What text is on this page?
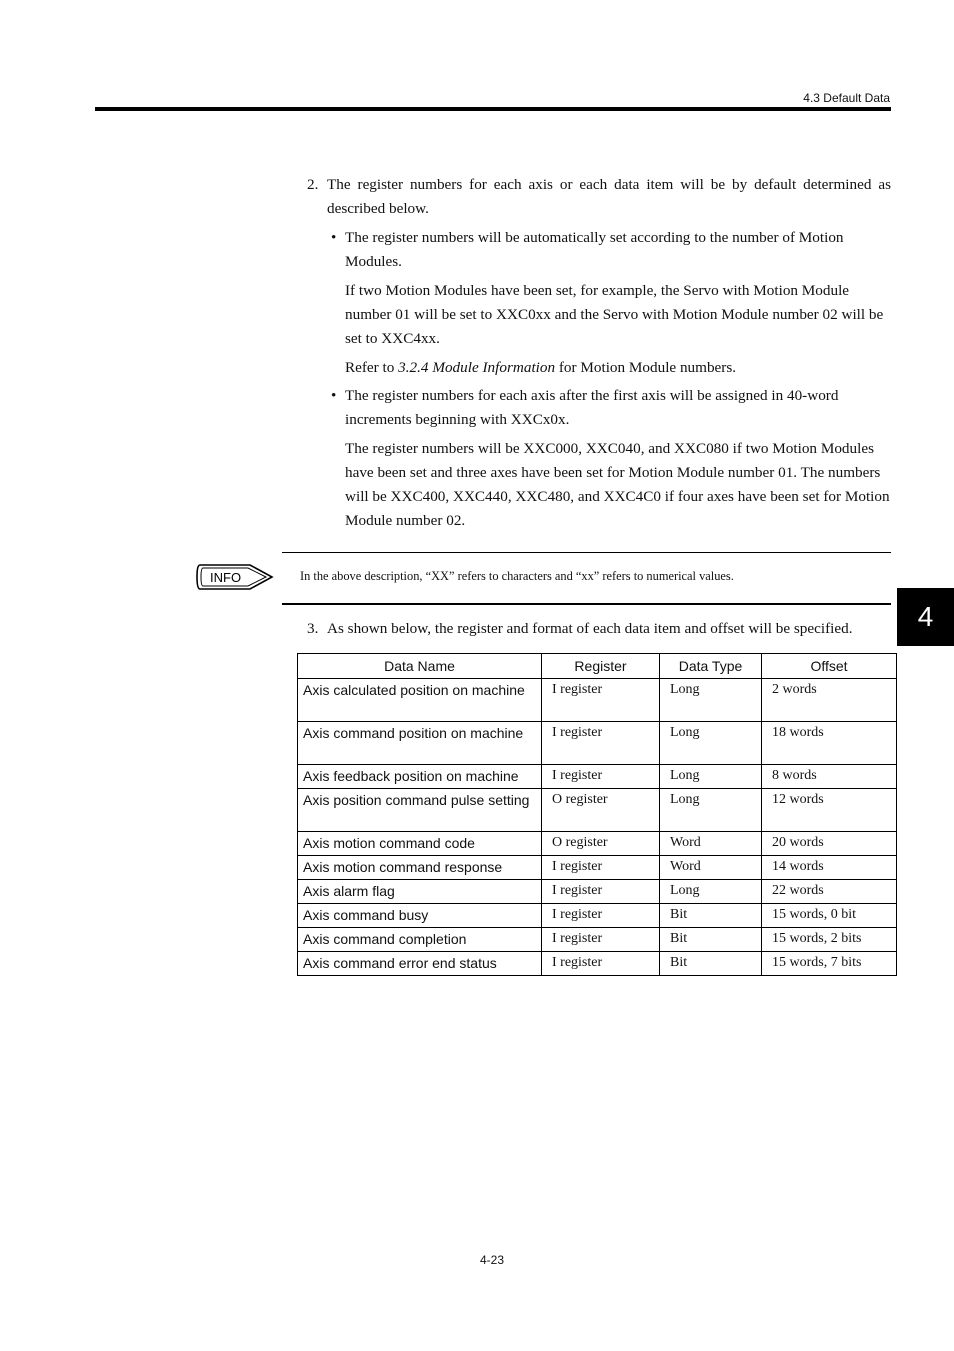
4.3 Default Data
2. The register numbers for each axis or each data item will be by default determined as described below.

• The register numbers will be automatically set according to the number of Motion Modules.

If two Motion Modules have been set, for example, the Servo with Motion Module number 01 will be set to XXC0xx and the Servo with Motion Module number 02 will be set to XXC4xx.

Refer to 3.2.4 Module Information for Motion Module numbers.

• The register numbers for each axis after the first axis will be assigned in 40-word increments beginning with XXCx0x.

The register numbers will be XXC000, XXC040, and XXC080 if two Motion Modules have been set and three axes have been set for Motion Module number 01. The numbers will be XXC400, XXC440, XXC480, and XXC4C0 if four axes have been set for Motion Module number 02.

INFO	In the above description, “XX” refers to characters and “xx” refers to numerical values.
4
3. As shown below, the register and format of each data item and offset will be specified.

Data Name	Register	Data Type	Offset
Axis calculated position on machine	I register	Long	2 words
Axis command position on machine	I register	Long	18 words
Axis feedback position on machine	I register	Long	8 words
Axis position command pulse setting	O register	Long	12 words
Axis motion command code	O register	Word	20 words
Axis motion command response	I register	Word	14 words
Axis alarm flag	I register	Long	22 words
Axis command busy	I register	Bit	15 words, 0 bit
Axis command completion	I register	Bit	15 words, 2 bits
Axis command error end status	I register	Bit	15 words, 7 bits
4-23
